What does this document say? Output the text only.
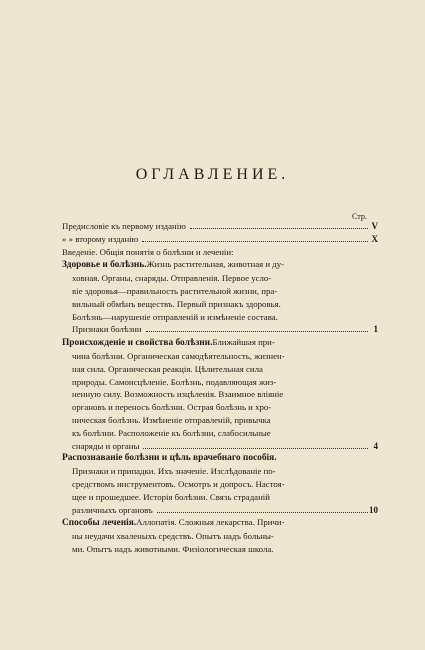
ОГЛАВЛЕНИЕ.
Стр.
Предисловіе къ первому изданію	V
» » второму изданію	X
Введеніе. Общія понятія о болѣзни и леченіи:
Здоровье и болѣзнь. Жизнь растительная, животная и ду-
ховная. Органы, снаряды. Отправленія. Первое усло-
віе здоровья—правильность растительной жизни, пра-
вильный обмѣнъ веществъ. Первый признакъ здоровья.
Болѣзнь—нарушеніе отправленій и измѣненіе состава.
Признаки болѣзни	1
Происхожденіе и свойства болѣзни. Ближайшая при-
чина болѣзни. Органическая самодѣятельность, жизнен-
ная сила. Органическая реакція. Цѣлительная сила
природы. Самоисцѣленіе. Болѣзнь, подавляющая жиз-
ненную силу. Возможность изцѣленія. Взаимное вліяніе
органовъ и переносъ болѣзни. Острая болѣзнь и хро-
ническая болѣзнь. Измѣненіе отправленій, привычка
къ болѣзни. Расположеніе къ болѣзни, слабосильные
снаряды и органы	4
Распознаваніе болѣзни и цѣль врачебнаго пособія.
Признаки и припадки. Ихъ значеніе. Изслѣдованіе по-
средствомъ инструментовъ. Осмотръ и допросъ. Настоя-
щее и прошедшее. Исторія болѣзни. Связь страданій
различныхъ органовъ	10
Способы леченія. Аллопатія. Сложныя лекарства. Причи-
ны неудачи хваленыхъ средствъ. Опытъ надъ больны-
ми. Опытъ надъ животными. Физіологическая школа.
